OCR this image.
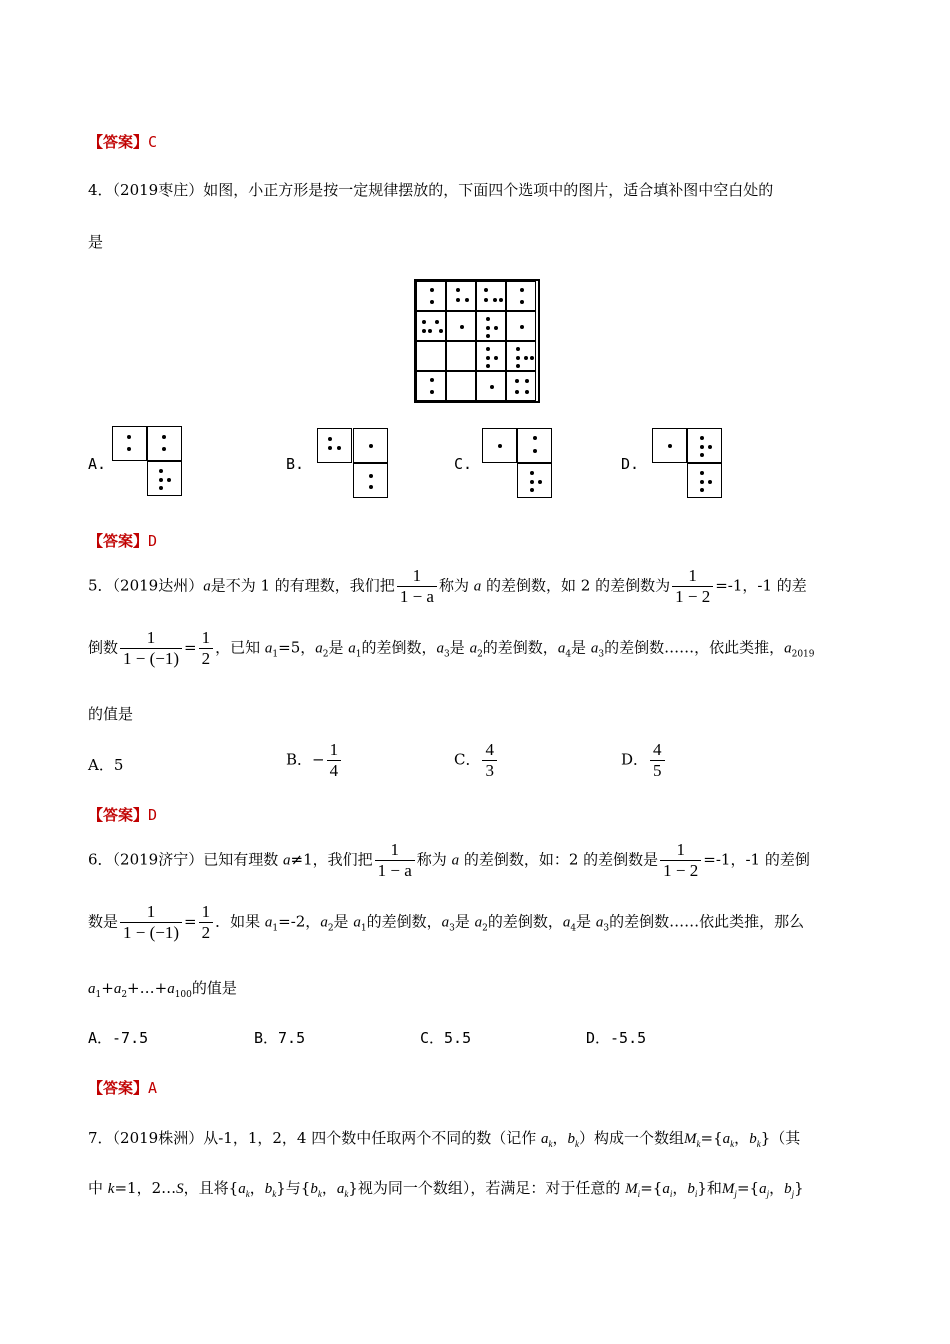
【答案】C
4．（2019枣庄）如图，小正方形是按一定规律摆放的，下面四个选项中的图片，适合填补图中空白处的
是
A.	B.	C.	D.
【答案】D
5．（2019达州）a是不为 1 的有理数，我们把 $\frac{1}{1 - a}$ 称为 a 的差倒数，如 2 的差倒数为 $\frac{1}{1 - 2} =-1$，-1 的差
倒数 $\frac{1}{1 - (-1)} = \frac{1}{2}$ ，已知 $a_1=5$，$a_2$是 $a_1$的差倒数，$a_3$是 $a_2$的差倒数，$a_4$是 $a_3$的差倒数……，依此类推，$a_{2019}$
的值是
A．5	B．− $\frac{1}{4}$	C． $\frac{4}{3}$	D． $\frac{4}{5}$
【答案】D
6．（2019济宁）已知有理数 a≠1，我们把 $\frac{1}{1 - a}$ 称为 a 的差倒数，如：2 的差倒数是 $\frac{1}{1 - 2} =-1$，-1 的差倒
数是 $\frac{1}{1 - (-1)} = \frac{1}{2}$ ．如果 $a_1=-2$，$a_2$是 $a_1$的差倒数，$a_3$是 $a_2$的差倒数，$a_4$是 $a_3$的差倒数……依此类推，那么
$a_1+a_2+\dots+a_{100}$的值是
A．-7.5	B．7.5	C．5.5	D．-5.5
【答案】A
7．（2019株洲）从-1，1，2，4 四个数中任取两个不同的数（记作 $a_k$，$b_k$）构成一个数组$M_k=\{a_k$，$b_k$}（其
中 k=1，2…S，且将{$a_k$，$b_k$}与{$b_k$，$a_k$}视为同一个数组），若满足：对于任意的 $M_i=\{a_i$，$b_i$}和$M_j=\{a_j$，$b_j$}
